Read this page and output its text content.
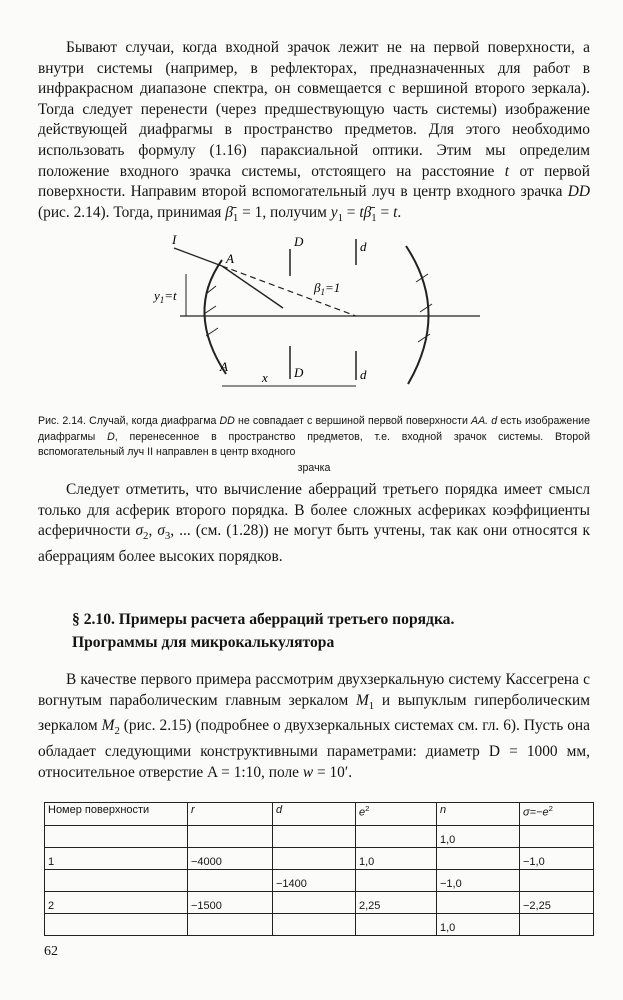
Бывают случаи, когда входной зрачок лежит не на первой поверхности, а внутри системы (например, в рефлекторах, предназначенных для работ в инфракрасном диапазоне спектра, он совмещается с вершиной второго зеркала). Тогда следует перенести (через предшествующую часть системы) изображение действующей диафрагмы в пространство предметов. Для этого необходимо использовать формулу (1.16) параксиальной оптики. Этим мы определим положение входного зрачка системы, отстоящего на расстояние t от первой поверхности. Направим второй вспомогательный луч в центр входного зрачка DD (рис. 2.14). Тогда, принимая $\betā_1 = 1$, получим $y_1$ = $t\betā_1 = t$.

I
A
D	d
$y_1=t$
$\beta_1=1$
A
x D	d
Рис. 2.14. Случай, когда диафрагма DD не совпадает с вершиной первой поверхности AA. d есть изображение диафрагмы D, перенесенное в пространство предметов, т.е. входной зрачок системы. Второй вспомогательный луч II направлен в центр входного
зрачка

Следует отметить, что вычисление аберраций третьего порядка имеет смысл только для асферик второго порядка. В более сложных асфериках коэффициенты асферичности $\sigma_2$, $\sigma_3$, ... (см. (1.28)) не могут быть учтены, так как они относятся к аберрациям более высоких порядков.

§ 2.10. Примеры расчета аберраций третьего порядка.
Программы для микрокалькулятора

В качестве первого примера рассмотрим двухзеркальную систему Кассегрена с вогнутым параболическим главным зеркалом $M_1$ и выпуклым гиперболическим зеркалом $M_2$ (рис. 2.15) (подробнее о двухзеркальных системах см. гл. 6). Пусть она обладает следующими конструктивными параметрами: диаметр D = 1000 мм, относительное отверстие A = 1:10, поле w = 10′.

Номер поверхности	r	d	$e^2$	n	$\sigma=-e^2$
				1,0	
1	−4000		1,0		−1,0
		−1400		−1,0	
2	−1500		2,25		−2,25
				1,0	
62
